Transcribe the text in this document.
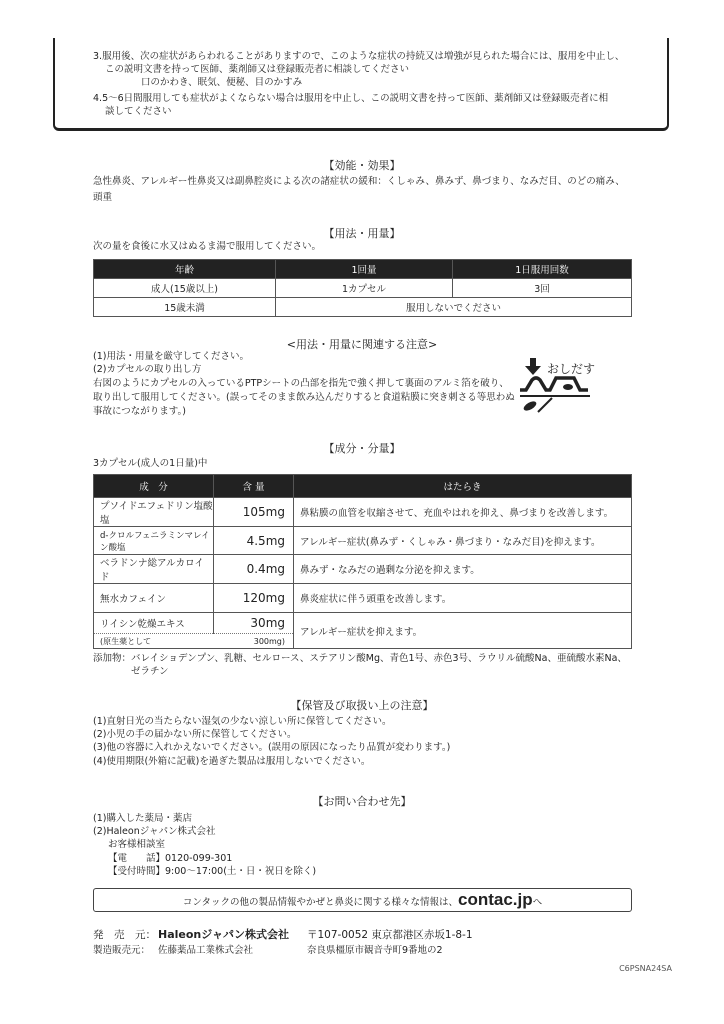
3.服用後、次の症状があらわれることがありますので、このような症状の持続又は増強が見られた場合には、服用を中止し、
この説明文書を持って医師、薬剤師又は登録販売者に相談してください
口のかわき、眠気、便秘、目のかすみ
4.5～6日間服用しても症状がよくならない場合は服用を中止し、この説明文書を持って医師、薬剤師又は登録販売者に相
談してください
【効能・効果】
急性鼻炎、アレルギー性鼻炎又は副鼻腔炎による次の諸症状の緩和：くしゃみ、鼻みず、鼻づまり、なみだ目、のどの痛み、
頭重
【用法・用量】
次の量を食後に水又はぬるま湯で服用してください。
年齢	1回量	1日服用回数
成人(15歳以上)	1カプセル	3回
15歳未満	服用しないでください	
<用法・用量に関連する注意>
(1)用法・用量を厳守してください。
(2)カプセルの取り出し方
右図のようにカプセルの入っているPTPシートの凸部を指先で強く押して裏面のアルミ箔を破り、
取り出して服用してください。(誤ってそのまま飲み込んだりすると食道粘膜に突き刺さる等思わぬ
事故につながります。)
おしだす
【成分・分量】
3カプセル(成人の1日量)中
成　分	含 量	はたらき
プソイドエフェドリン塩酸塩	105mg	鼻粘膜の血管を収縮させて、充血やはれを抑え、鼻づまりを改善します。
d-クロルフェニラミンマレイン酸塩	4.5mg	アレルギー症状(鼻みず・くしゃみ・鼻づまり・なみだ目)を抑えます。
ベラドンナ総アルカロイド	0.4mg	鼻みず・なみだの過剰な分泌を抑えます。
無水カフェイン	120mg	鼻炎症状に伴う頭重を改善します。
リイシン乾燥エキス	30mg	アレルギー症状を抑えます。
(原生薬として	300mg)	
添加物：バレイショデンプン、乳糖、セルロース、ステアリン酸Mg、青色1号、赤色3号、ラウリル硫酸Na、亜硫酸水素Na、
ゼラチン
【保管及び取扱い上の注意】
(1)直射日光の当たらない湿気の少ない涼しい所に保管してください。
(2)小児の手の届かない所に保管してください。
(3)他の容器に入れかえないでください。(誤用の原因になったり品質が変わります。)
(4)使用期限(外箱に記載)を過ぎた製品は服用しないでください。
【お問い合わせ先】
(1)購入した薬局・薬店
(2)Haleonジャパン株式会社
お客様相談室
【電　　話】0120-099-301
【受付時間】9:00～17:00(土・日・祝日を除く)
コンタックの他の製品情報やかぜと鼻炎に関する様々な情報は、contac.jpへ
発　売　元： Haleonジャパン株式会社 〒107-0052 東京都港区赤坂1-8-1
製造販売元： 佐藤薬品工業株式会社	奈良県橿原市観音寺町9番地の2
C6PSNA24SA
